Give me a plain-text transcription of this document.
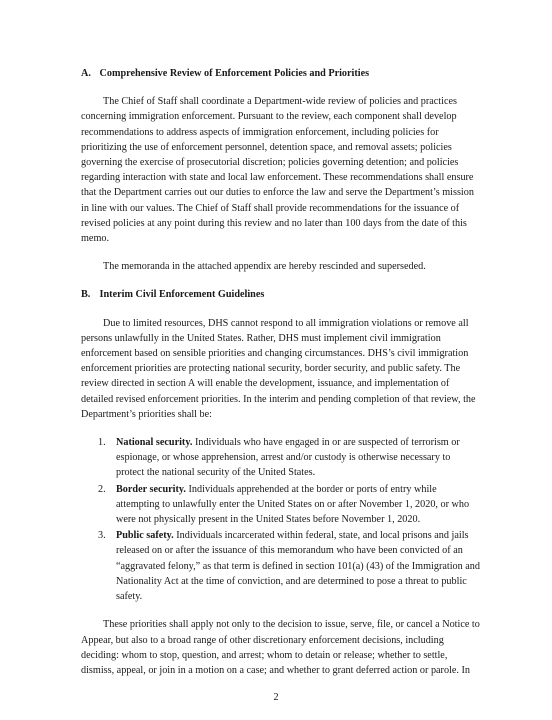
A. Comprehensive Review of Enforcement Policies and Priorities

The Chief of Staff shall coordinate a Department-wide review of policies and practices concerning immigration enforcement. Pursuant to the review, each component shall develop recommendations to address aspects of immigration enforcement, including policies for prioritizing the use of enforcement personnel, detention space, and removal assets; policies governing the exercise of prosecutorial discretion; policies governing detention; and policies regarding interaction with state and local law enforcement. These recommendations shall ensure that the Department carries out our duties to enforce the law and serve the Department’s mission in line with our values. The Chief of Staff shall provide recommendations for the issuance of revised policies at any point during this review and no later than 100 days from the date of this memo.

The memoranda in the attached appendix are hereby rescinded and superseded.

B. Interim Civil Enforcement Guidelines

Due to limited resources, DHS cannot respond to all immigration violations or remove all persons unlawfully in the United States. Rather, DHS must implement civil immigration enforcement based on sensible priorities and changing circumstances. DHS’s civil immigration enforcement priorities are protecting national security, border security, and public safety. The review directed in section A will enable the development, issuance, and implementation of detailed revised enforcement priorities. In the interim and pending completion of that review, the Department’s priorities shall be:

1. National security. Individuals who have engaged in or are suspected of terrorism or espionage, or whose apprehension, arrest and/or custody is otherwise necessary to protect the national security of the United States.
2. Border security. Individuals apprehended at the border or ports of entry while attempting to unlawfully enter the United States on or after November 1, 2020, or who were not physically present in the United States before November 1, 2020.
3. Public safety. Individuals incarcerated within federal, state, and local prisons and jails released on or after the issuance of this memorandum who have been convicted of an “aggravated felony,” as that term is defined in section 101(a) (43) of the Immigration and Nationality Act at the time of conviction, and are determined to pose a threat to public safety.

These priorities shall apply not only to the decision to issue, serve, file, or cancel a Notice to Appear, but also to a broad range of other discretionary enforcement decisions, including deciding: whom to stop, question, and arrest; whom to detain or release; whether to settle, dismiss, appeal, or join in a motion on a case; and whether to grant deferred action or parole. In

2
